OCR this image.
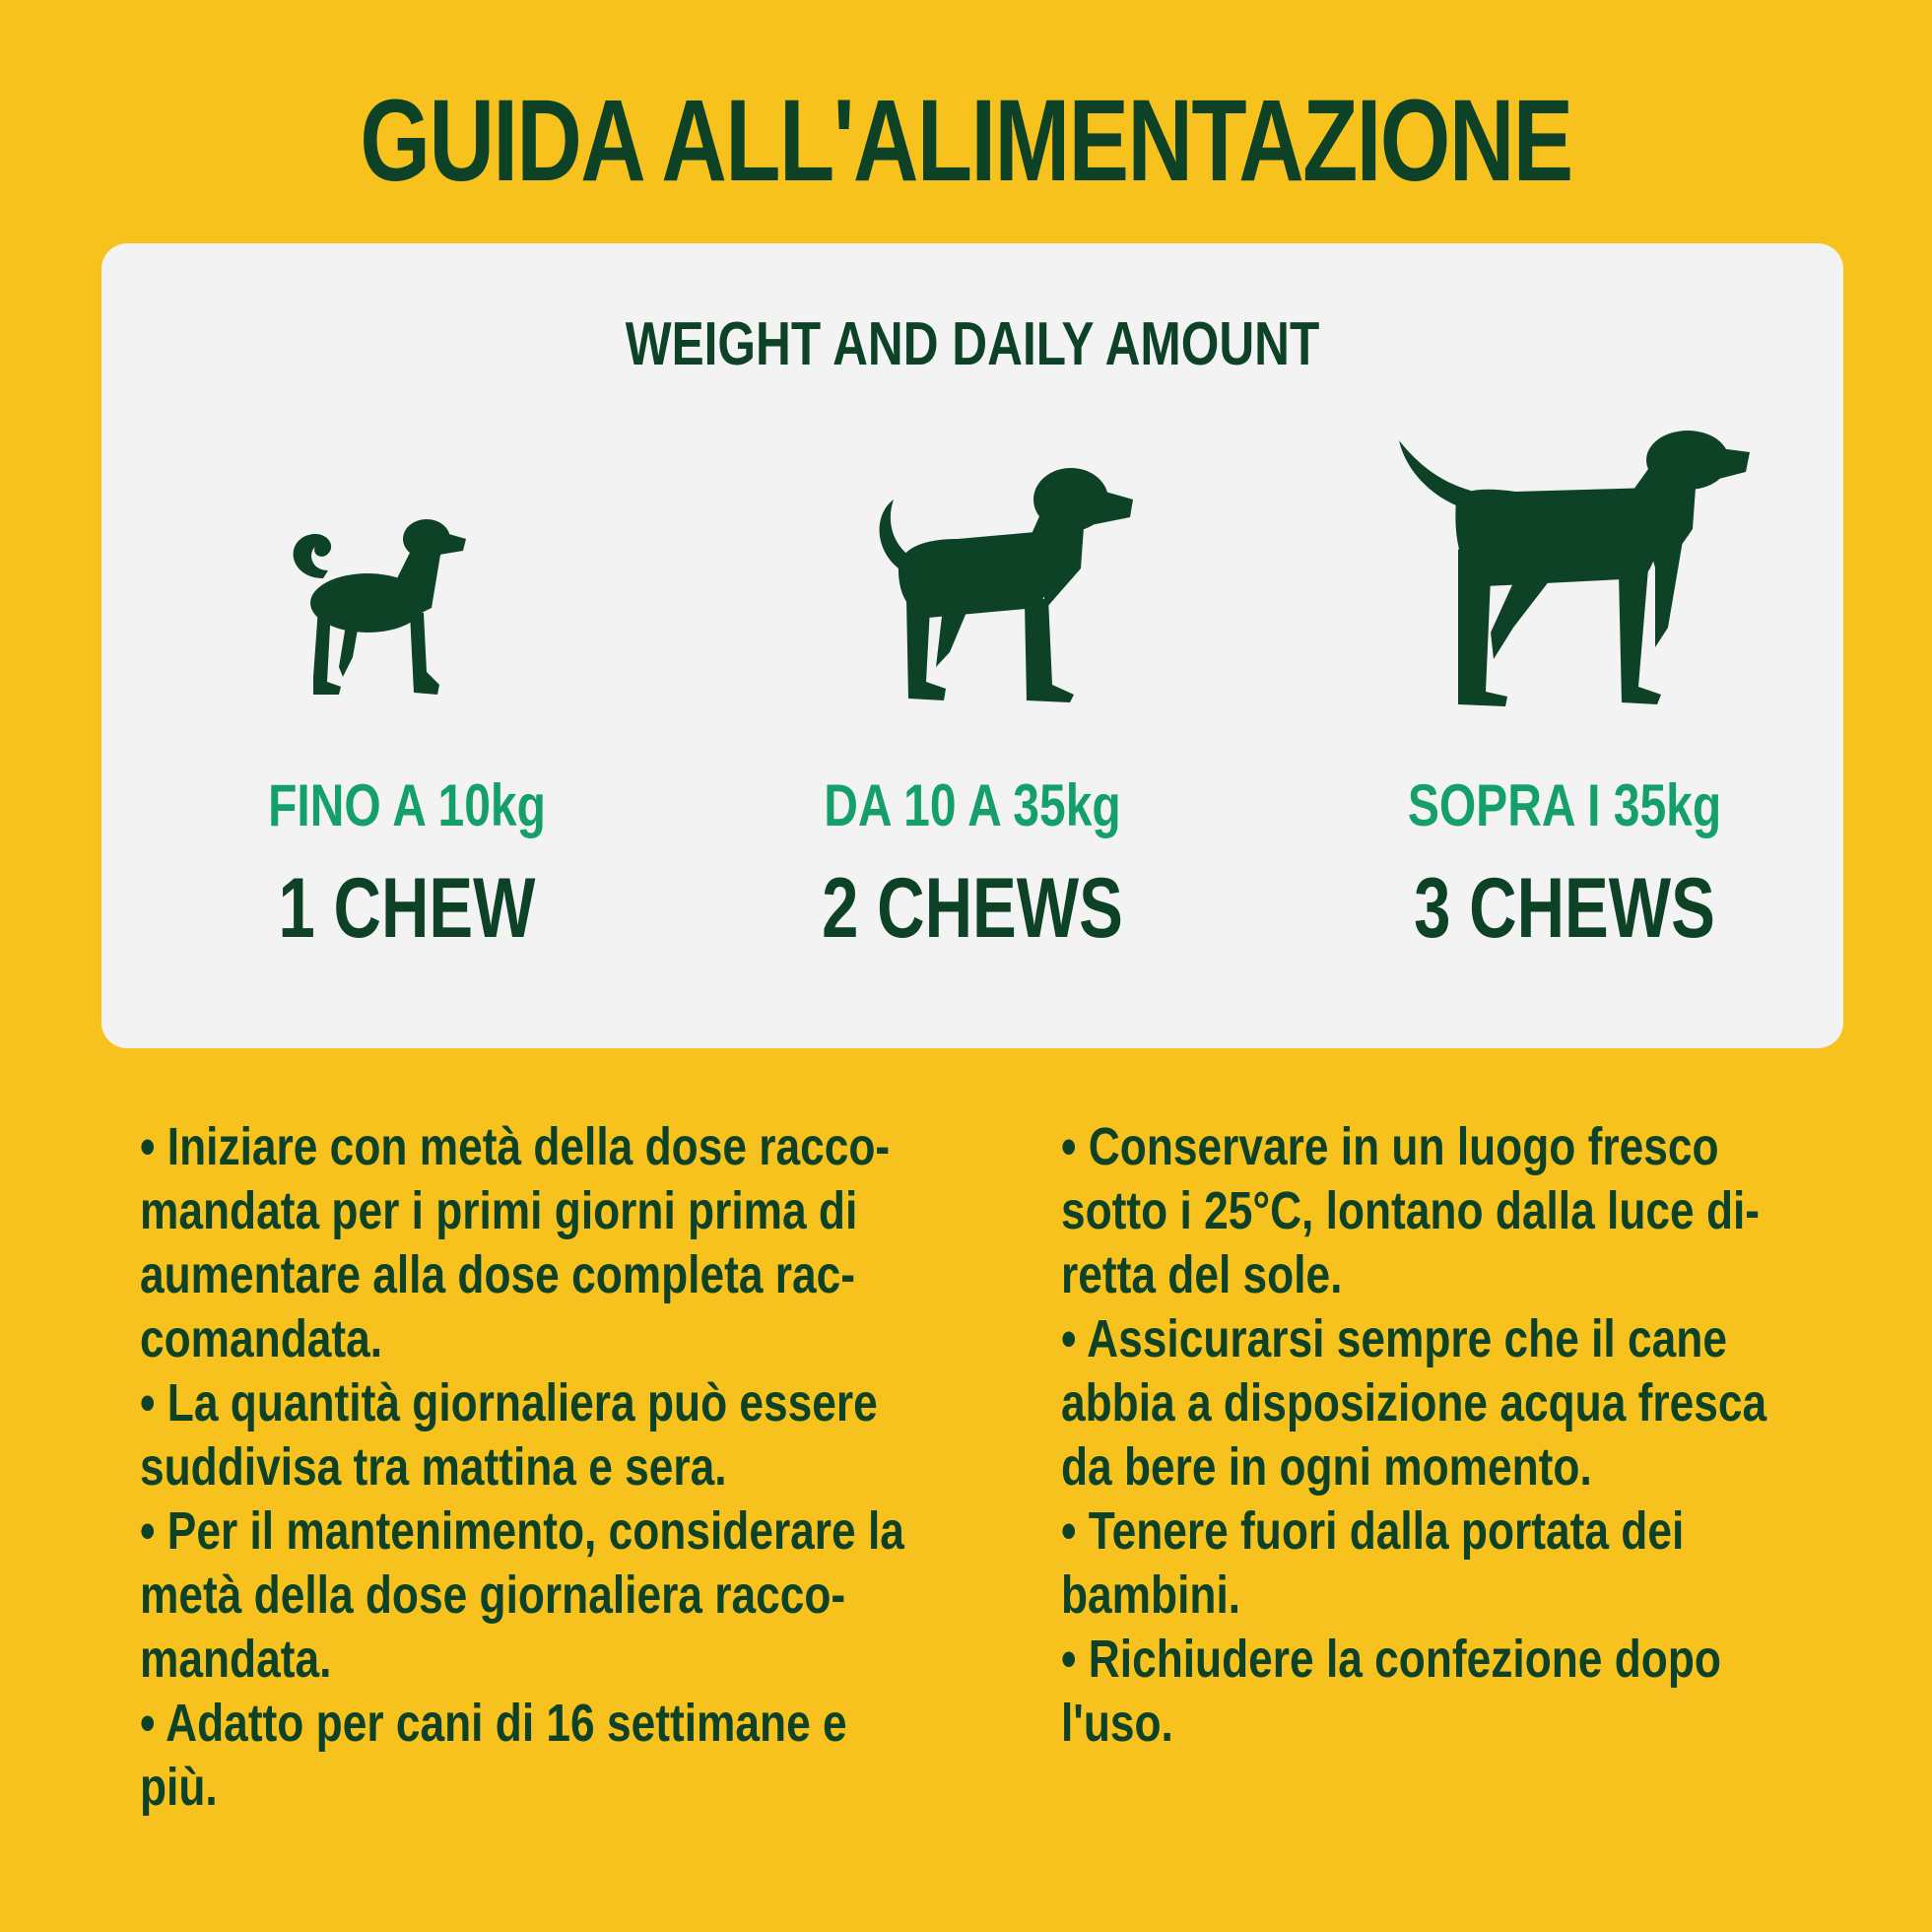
GUIDA ALL'ALIMENTAZIONE
WEIGHT AND DAILY AMOUNT
FINO A 10kg
1 CHEW
DA 10 A 35kg
2 CHEWS
SOPRA I 35kg
3 CHEWS

• Iniziare con metà della dose racco-

mandata per i primi giorni prima di

aumentare alla dose completa rac-

comandata.

• La quantità giornaliera può essere

suddivisa tra mattina e sera.

• Per il mantenimento, considerare la

metà della dose giornaliera racco-

mandata.

• Adatto per cani di 16 settimane e

più.

• Conservare in un luogo fresco

sotto i 25°C, lontano dalla luce di-

retta del sole.

• Assicurarsi sempre che il cane

abbia a disposizione acqua fresca

da bere in ogni momento.

• Tenere fuori dalla portata dei

bambini.

• Richiudere la confezione dopo

l'uso.
